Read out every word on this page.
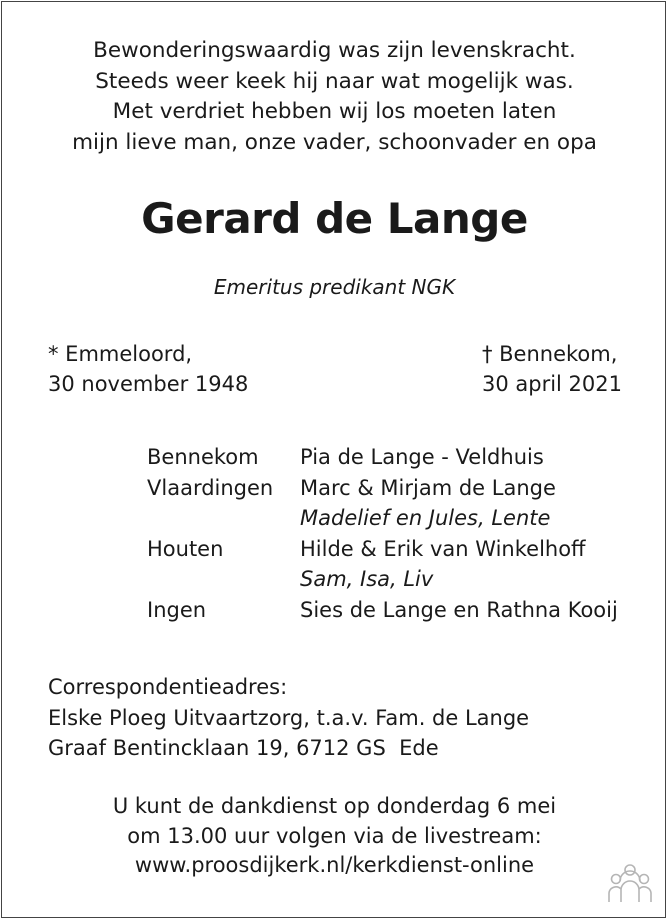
Bewonderingswaardig was zijn levenskracht.
Steeds weer keek hij naar wat mogelijk was.
Met verdriet hebben wij los moeten laten
mijn lieve man, onze vader, schoonvader en opa
Gerard de Lange
Emeritus predikant NGK
* Emmeloord,
30 november 1948
† Bennekom,
30 april 2021
Bennekom	Pia de Lange - Veldhuis
Vlaardingen	Marc & Mirjam de Lange
Madelief en Jules, Lente
Houten	Hilde & Erik van Winkelhoff
Sam, Isa, Liv
Ingen	Sies de Lange en Rathna Kooij
Correspondentieadres:
Elske Ploeg Uitvaartzorg, t.a.v. Fam. de Lange
Graaf Bentincklaan 19, 6712 GS  Ede
U kunt de dankdienst op donderdag 6 mei
om 13.00 uur volgen via de livestream:
www.proosdijkerk.nl/kerkdienst-online
